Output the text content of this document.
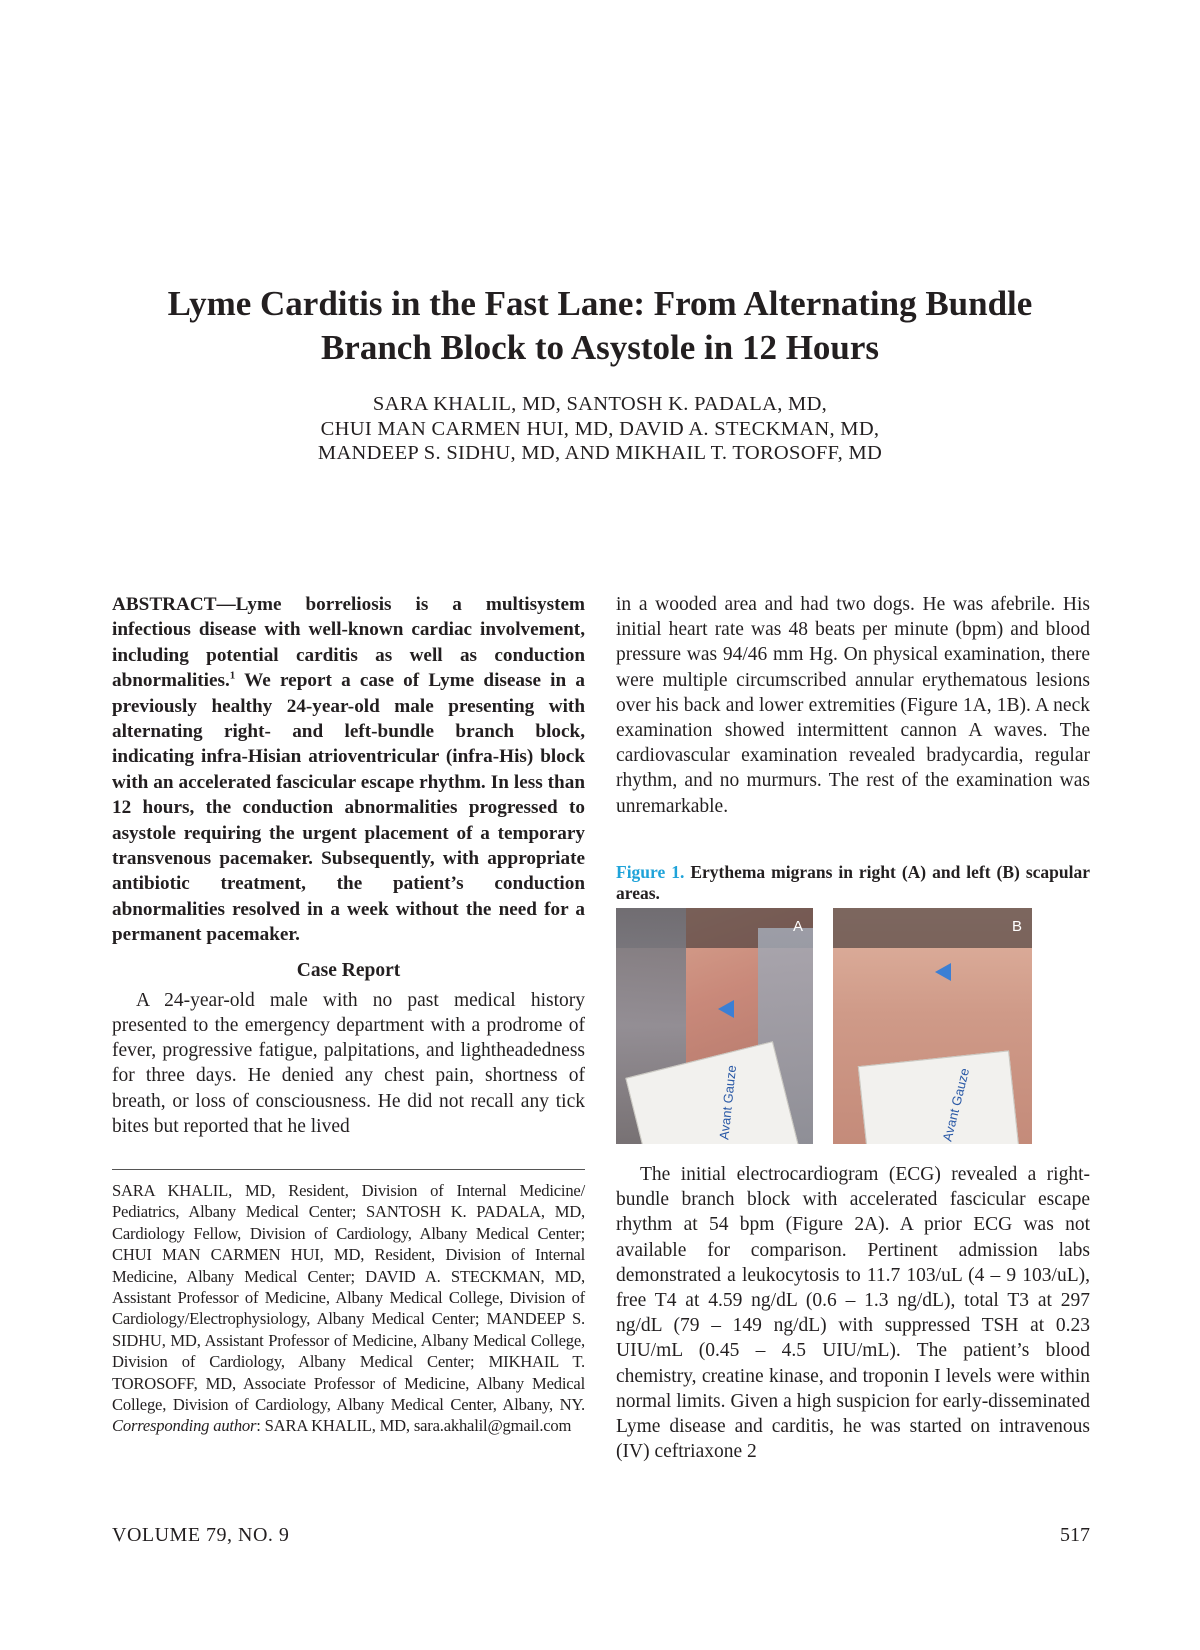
Lyme Carditis in the Fast Lane: From Alternating Bundle
Branch Block to Asystole in 12 Hours
SARA KHALIL, MD, SANTOSH K. PADALA, MD,
CHUI MAN CARMEN HUI, MD, DAVID A. STECKMAN, MD,
MANDEEP S. SIDHU, MD, AND MIKHAIL T. TOROSOFF, MD

ABSTRACT—Lyme borreliosis is a multisystem infectious disease with well-known cardiac involvement, including potential carditis as well as conduction abnormalities.$^1$ We report a case of Lyme disease in a previously healthy 24-year-old male presenting with alternating right- and left-bundle branch block, indicating infra-Hisian atrioventricular (infra-His) block with an accelerated fascicular escape rhythm. In less than 12 hours, the conduction abnormalities progressed to asystole requiring the urgent placement of a temporary transvenous pacemaker. Subsequently, with appropriate antibiotic treatment, the patient’s conduction abnormalities resolved in a week without the need for a permanent pacemaker.

Case Report

A 24-year-old male with no past medical history presented to the emergency department with a prodrome of fever, progressive fatigue, palpitations, and lightheadedness for three days. He denied any chest pain, shortness of breath, or loss of consciousness. He did not recall any tick bites but reported that he lived

SARA KHALIL, MD, Resident, Division of Internal Medicine/ Pediatrics, Albany Medical Center; SANTOSH K. PADALA, MD, Cardiology Fellow, Division of Cardiology, Albany Medical Center; CHUI MAN CARMEN HUI, MD, Resident, Division of Internal Medicine, Albany Medical Center; DAVID A. STECKMAN, MD, Assistant Professor of Medicine, Albany Medical College, Division of Cardiology/Electrophysiology, Albany Medical Center; MANDEEP S. SIDHU, MD, Assistant Professor of Medicine, Albany Medical College, Division of Cardiology, Albany Medical Center; MIKHAIL T. TOROSOFF, MD, Associate Professor of Medicine, Albany Medical College, Division of Cardiology, Albany Medical Center, Albany, NY. Corresponding author: SARA KHALIL, MD, sara.akhalil@gmail.com

in a wooded area and had two dogs. He was afebrile. His initial heart rate was 48 beats per minute (bpm) and blood pressure was 94/46 mm Hg. On physical examination, there were multiple circumscribed annular erythematous lesions over his back and lower extremities (Figure 1A, 1B). A neck examination showed intermittent cannon A waves. The cardiovascular examination revealed bradycardia, regular rhythm, and no murmurs. The rest of the examination was unremarkable.

Figure 1. Erythema migrans in right (A) and left (B) scapular areas.

Avant Gauze
A
Avant Gauze
B

The initial electrocardiogram (ECG) revealed a right-bundle branch block with accelerated fascicular escape rhythm at 54 bpm (Figure 2A). A prior ECG was not available for comparison. Pertinent admission labs demonstrated a leukocytosis to 11.7 103/uL (4 – 9 103/uL), free T4 at 4.59 ng/dL (0.6 – 1.3 ng/dL), total T3 at 297 ng/dL (79 – 149 ng/dL) with suppressed TSH at 0.23 UIU/mL (0.45 – 4.5 UIU/mL). The patient’s blood chemistry, creatine kinase, and troponin I levels were within normal limits. Given a high suspicion for early-disseminated Lyme disease and carditis, he was started on intravenous (IV) ceftriaxone 2

VOLUME 79, NO. 9	517
